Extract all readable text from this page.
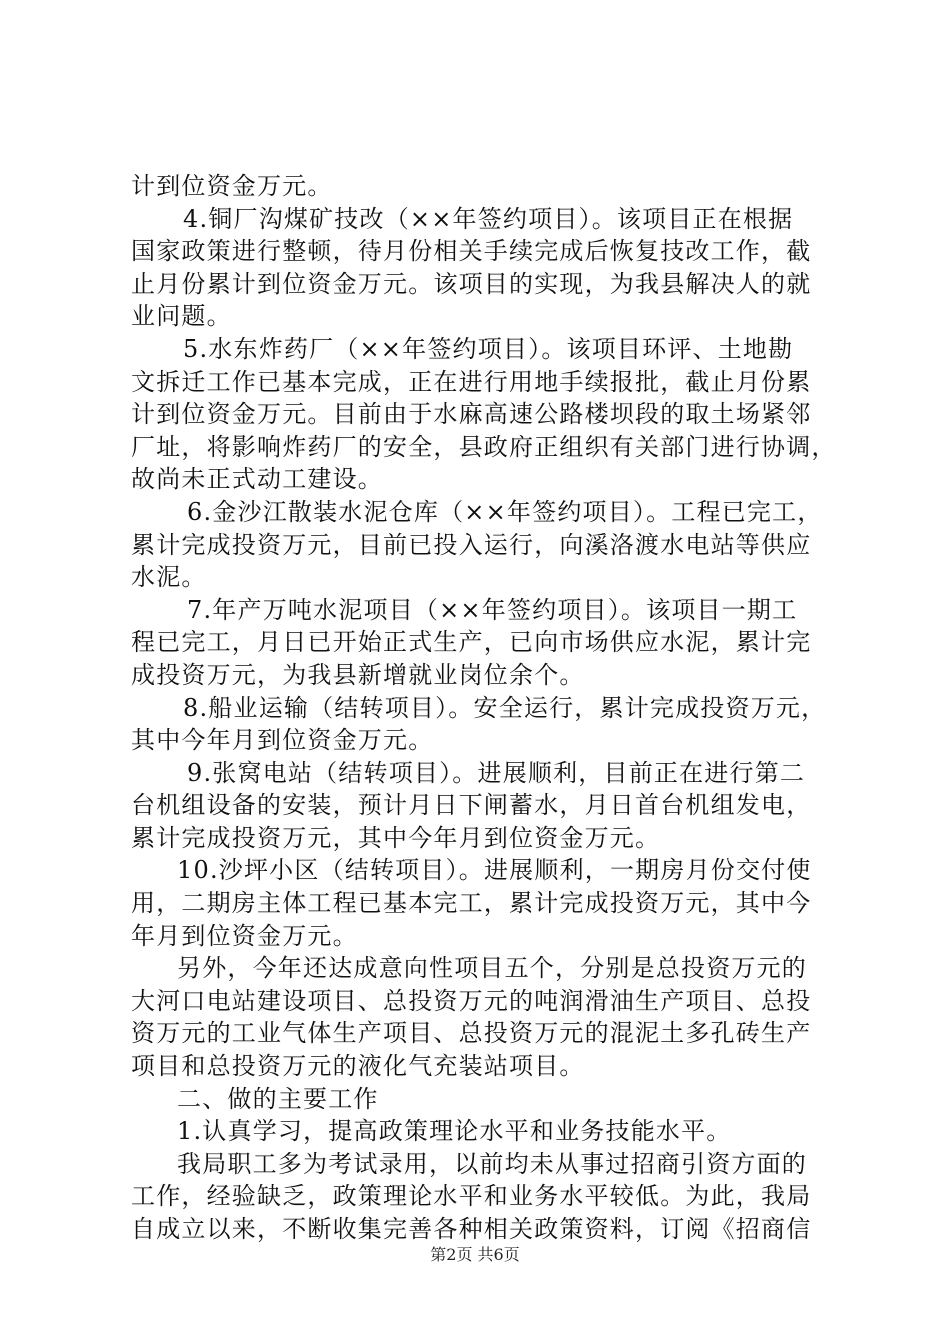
计到位资金万元。
4.铜厂沟煤矿技改（××年签约项目）。该项目正在根据
国家政策进行整顿，待月份相关手续完成后恢复技改工作，截
止月份累计到位资金万元。该项目的实现，为我县解决人的就
业问题。
5.水东炸药厂（××年签约项目）。该项目环评、土地勘
文拆迁工作已基本完成，正在进行用地手续报批，截止月份累
计到位资金万元。目前由于水麻高速公路楼坝段的取土场紧邻
厂址，将影响炸药厂的安全，县政府正组织有关部门进行协调，
故尚未正式动工建设。
6.金沙江散装水泥仓库（××年签约项目）。工程已完工，
累计完成投资万元，目前已投入运行，向溪洛渡水电站等供应
水泥。
7.年产万吨水泥项目（××年签约项目）。该项目一期工
程已完工，月日已开始正式生产，已向市场供应水泥，累计完
成投资万元，为我县新增就业岗位余个。
8.船业运输（结转项目）。安全运行，累计完成投资万元，
其中今年月到位资金万元。
9.张窝电站（结转项目）。进展顺利，目前正在进行第二
台机组设备的安装，预计月日下闸蓄水，月日首台机组发电，
累计完成投资万元，其中今年月到位资金万元。
10.沙坪小区（结转项目）。进展顺利，一期房月份交付使
用，二期房主体工程已基本完工，累计完成投资万元，其中今
年月到位资金万元。
另外，今年还达成意向性项目五个，分别是总投资万元的
大河口电站建设项目、总投资万元的吨润滑油生产项目、总投
资万元的工业气体生产项目、总投资万元的混泥土多孔砖生产
项目和总投资万元的液化气充装站项目。
二、做的主要工作
1.认真学习，提高政策理论水平和业务技能水平。
我局职工多为考试录用，以前均未从事过招商引资方面的
工作，经验缺乏，政策理论水平和业务水平较低。为此，我局
自成立以来，不断收集完善各种相关政策资料，订阅《招商信
第2页 共6页
